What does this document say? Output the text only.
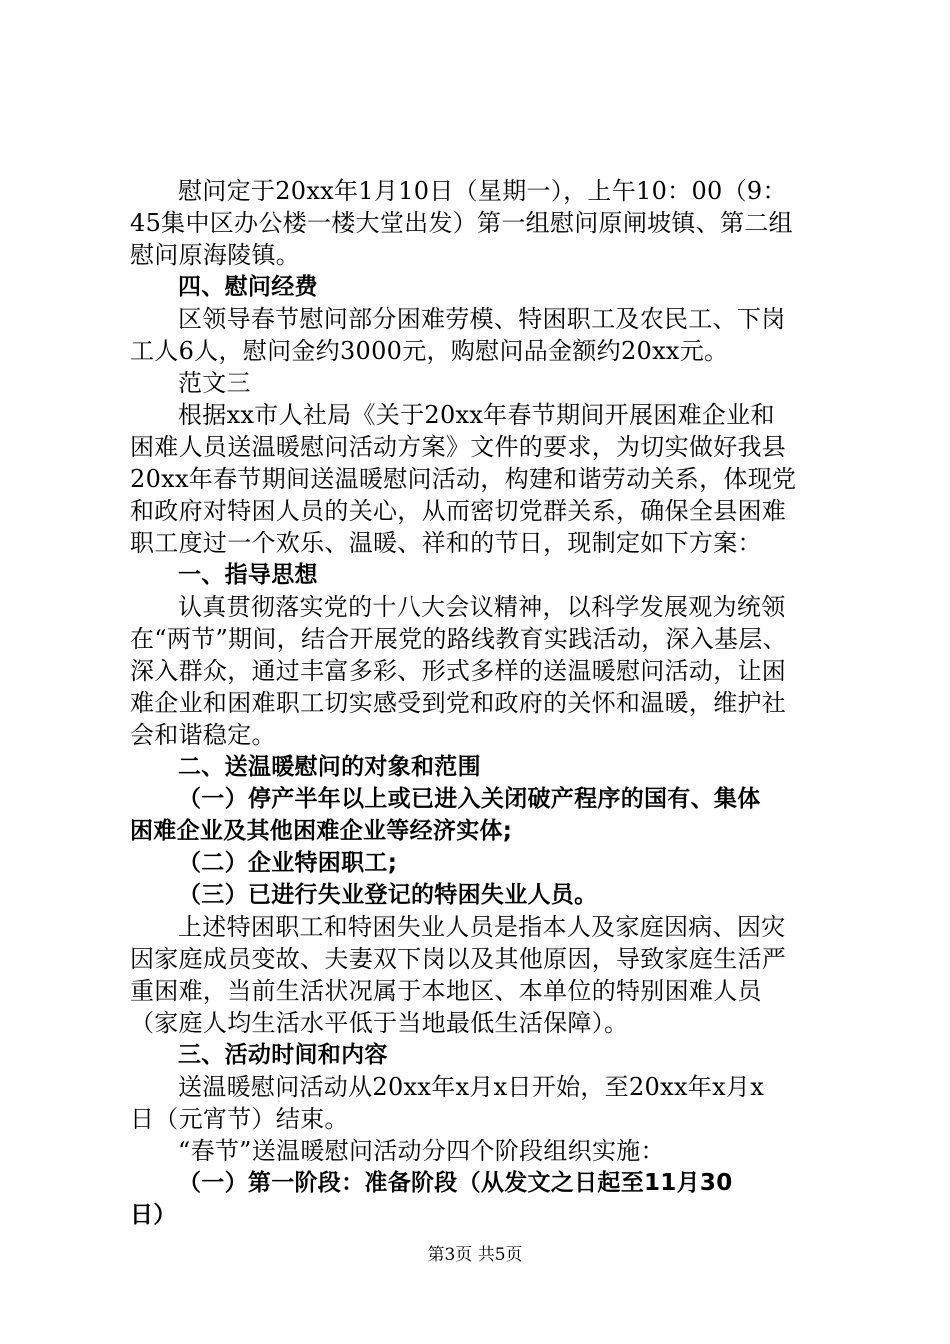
慰问定于20xx年1月10日（星期一），上午10：00（9：
45集中区办公楼一楼大堂出发）第一组慰问原闸坡镇、第二组
慰问原海陵镇。
四、慰问经费
区领导春节慰问部分困难劳模、特困职工及农民工、下岗
工人6人，慰问金约3000元，购慰问品金额约20xx元。
范文三
根据xx市人社局《关于20xx年春节期间开展困难企业和
困难人员送温暖慰问活动方案》文件的要求，为切实做好我县
20xx年春节期间送温暖慰问活动，构建和谐劳动关系，体现党
和政府对特困人员的关心，从而密切党群关系，确保全县困难
职工度过一个欢乐、温暖、祥和的节日，现制定如下方案：
一、指导思想
认真贯彻落实党的十八大会议精神，以科学发展观为统领
在“两节”期间，结合开展党的路线教育实践活动，深入基层、
深入群众，通过丰富多彩、形式多样的送温暖慰问活动，让困
难企业和困难职工切实感受到党和政府的关怀和温暖，维护社
会和谐稳定。
二、送温暖慰问的对象和范围
（一）停产半年以上或已进入关闭破产程序的国有、集体
困难企业及其他困难企业等经济实体;
（二）企业特困职工;
（三）已进行失业登记的特困失业人员。
上述特困职工和特困失业人员是指本人及家庭因病、因灾
因家庭成员变故、夫妻双下岗以及其他原因，导致家庭生活严
重困难，当前生活状况属于本地区、本单位的特别困难人员
（家庭人均生活水平低于当地最低生活保障）。
三、活动时间和内容
送温暖慰问活动从20xx年x月x日开始，至20xx年x月x
日（元宵节）结束。
“春节”送温暖慰问活动分四个阶段组织实施：
（一）第一阶段：准备阶段（从发文之日起至11月30
日）
第3页 共5页
